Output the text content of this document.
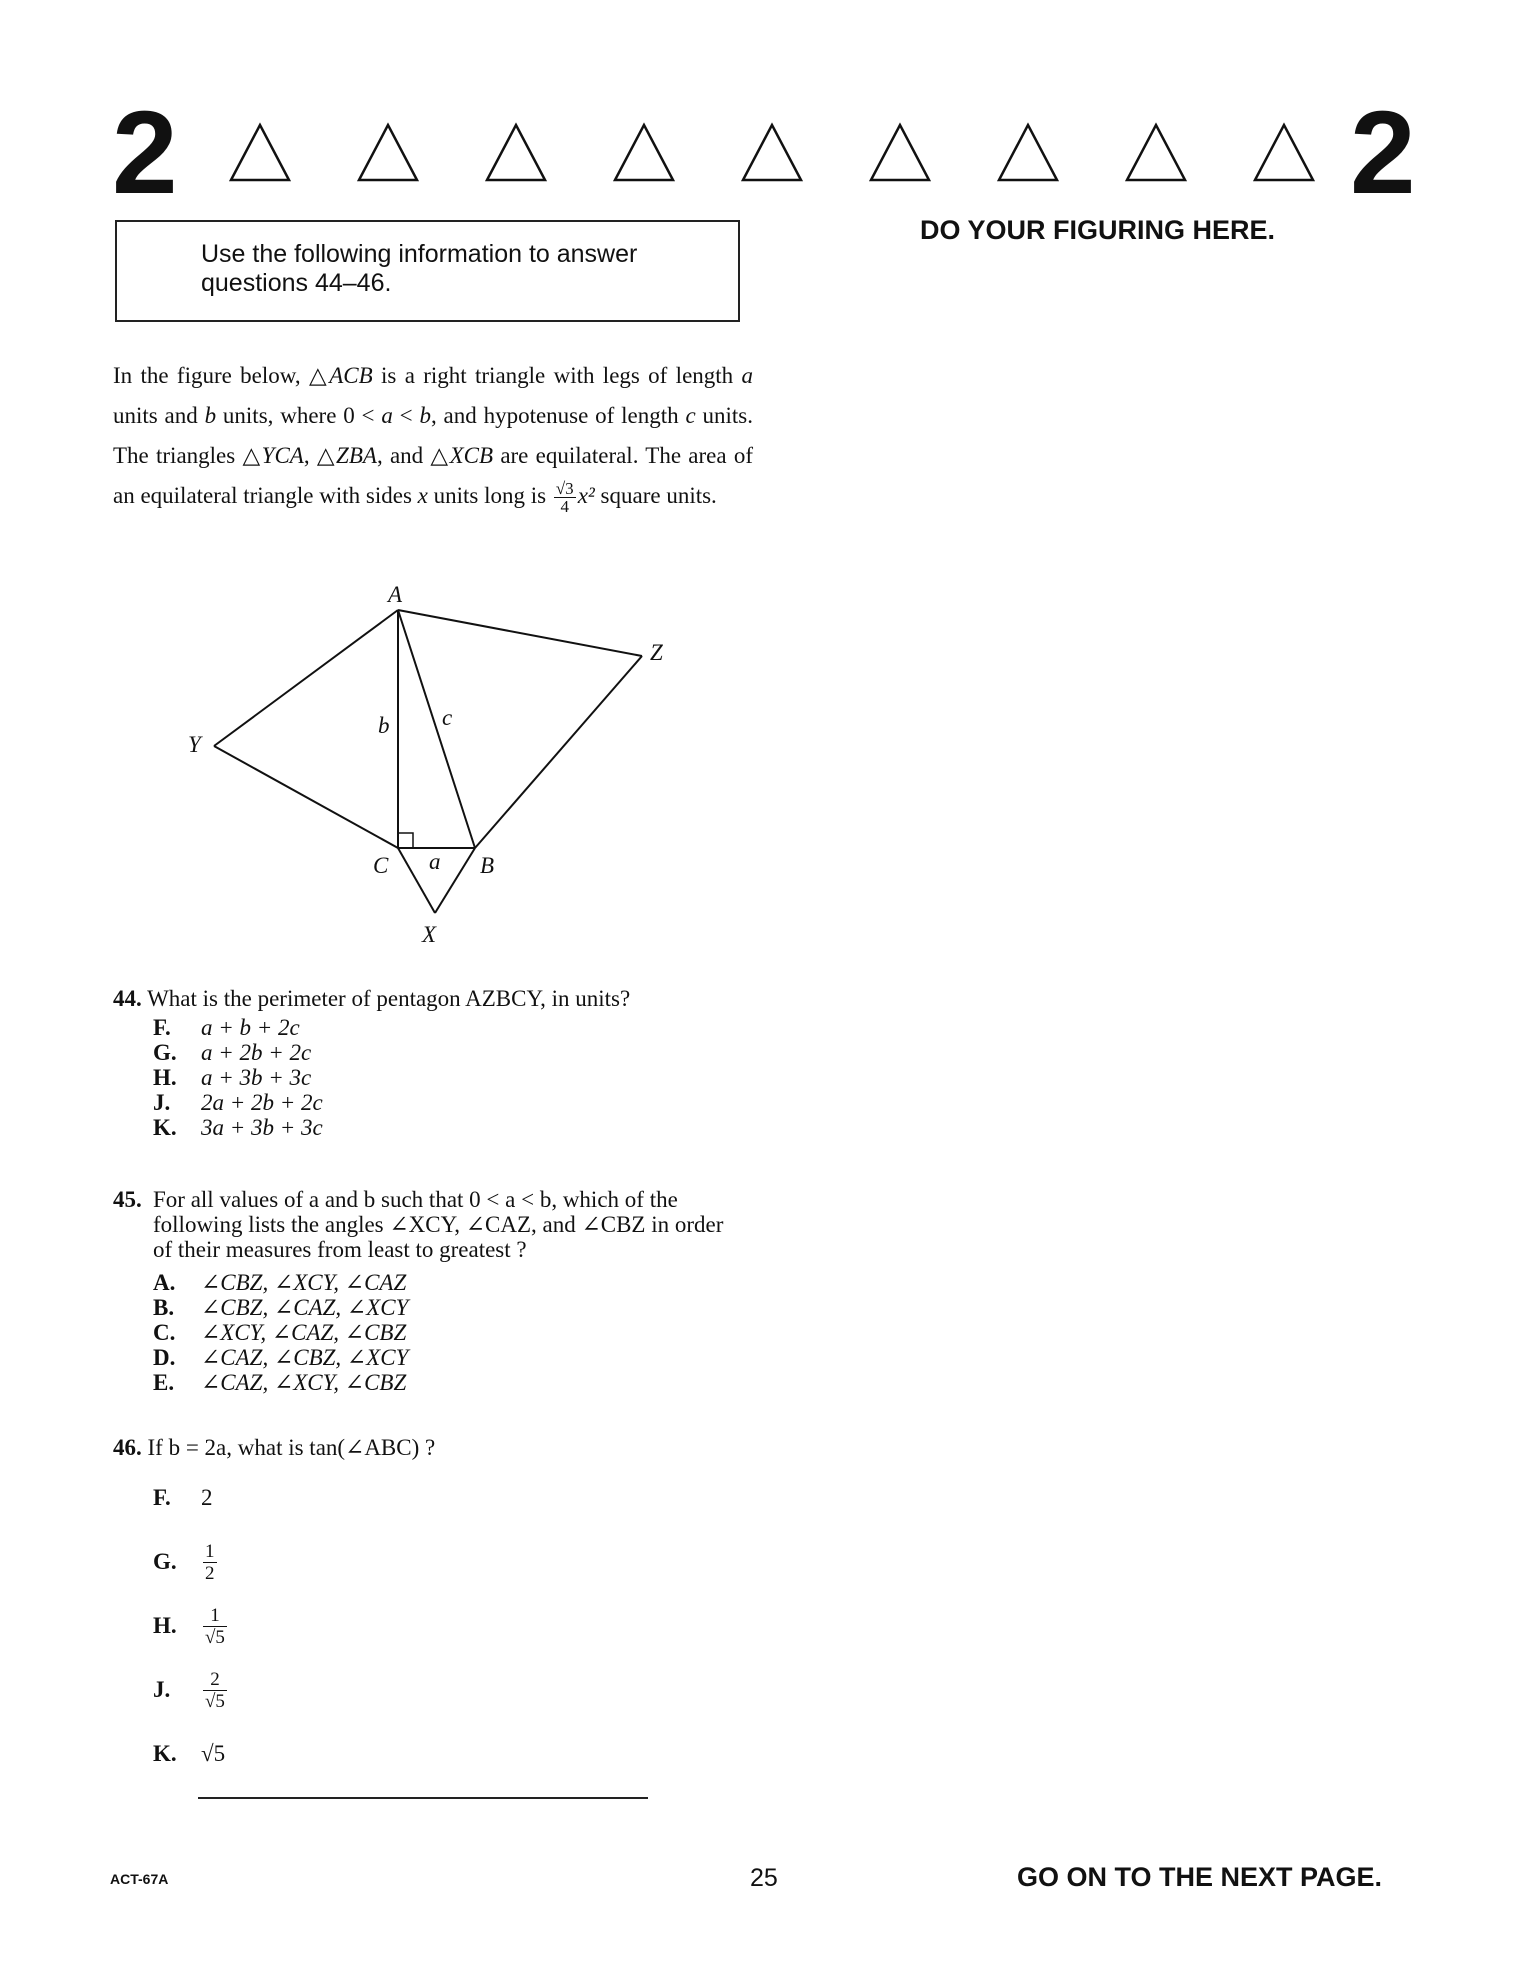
2	2
Use the following information to answer
questions 44–46.
DO YOUR FIGURING HERE.
In the figure below, △ACB is a right triangle with legs of length a units and b units, where 0 < a < b, and hypotenuse of length c units. The triangles △YCA, △ZBA, and △XCB are equilateral. The area of an equilateral triangle with sides x units long is $\frac{√3}{4} x^2$ square units.
A
Z
Y
C	B
X
a
b c
44. What is the perimeter of pentagon AZBCY, in units?
F.	a + b + 2c
G.	a + 2b + 2c
H.	a + 3b + 3c
J.	2a + 2b + 2c
K.	3a + 3b + 3c
45. For all values of a and b such that 0 < a < b, which of the following lists the angles ∠XCY, ∠CAZ, and ∠CBZ in order of their measures from least to greatest ?
A.	∠CBZ, ∠XCY, ∠CAZ
B.	∠CBZ, ∠CAZ, ∠XCY
C.	∠XCY, ∠CAZ, ∠CBZ
D.	∠CAZ, ∠CBZ, ∠XCY
E.	∠CAZ, ∠XCY, ∠CBZ
46. If b = 2a, what is tan(∠ABC) ?
F.	2
G.	$\frac{1}{2}$
H.	$\frac{1}{√5}$
J.	$\frac{2}{√5}$
K.	√5
ACT-67A	25	GO ON TO THE NEXT PAGE.
